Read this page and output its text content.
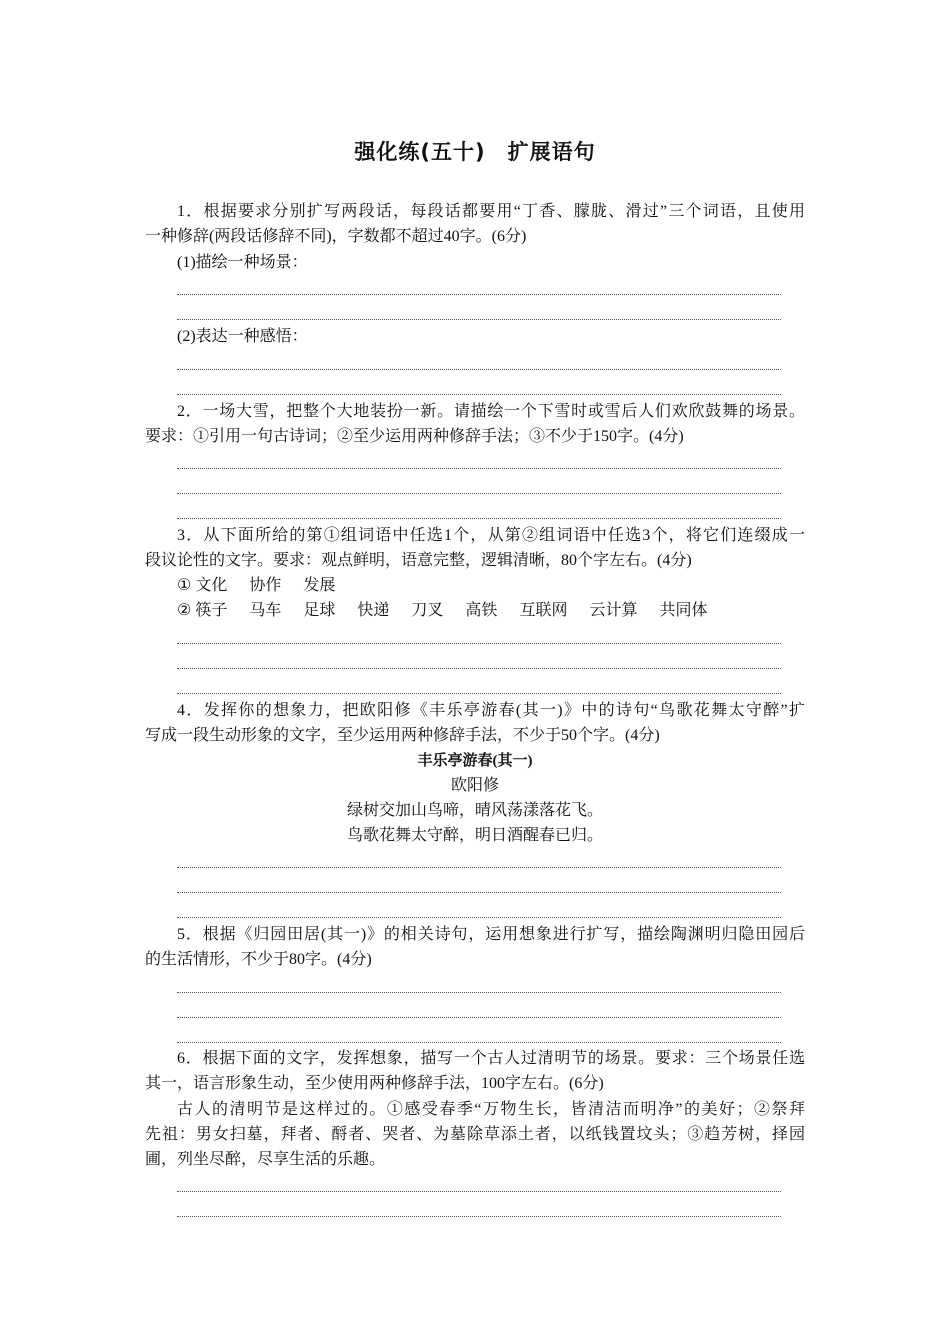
强化练(五十)　扩展语句
1．根据要求分别扩写两段话，每段话都要用“丁香、朦胧、滑过”三个词语，且使用
一种修辞(两段话修辞不同)，字数都不超过40字。(6分)
(1)描绘一种场景：
(2)表达一种感悟：
2．一场大雪，把整个大地装扮一新。请描绘一个下雪时或雪后人们欢欣鼓舞的场景。
要求：①引用一句古诗词；②至少运用两种修辞手法；③不少于150字。(4分)
3．从下面所给的第①组词语中任选1个，从第②组词语中任选3个，将它们连缀成一
段议论性的文字。要求：观点鲜明，语意完整，逻辑清晰，80个字左右。(4分)
① 文化 协作 发展
② 筷子 马车 足球 快递 刀叉 高铁 互联网 云计算 共同体
4．发挥你的想象力，把欧阳修《丰乐亭游春(其一)》中的诗句“鸟歌花舞太守醉”扩
写成一段生动形象的文字，至少运用两种修辞手法，不少于50个字。(4分)
丰乐亭游春(其一)
欧阳修
绿树交加山鸟啼，晴风荡漾落花飞。
鸟歌花舞太守醉，明日酒醒春已归。
5．根据《归园田居(其一)》的相关诗句，运用想象进行扩写，描绘陶渊明归隐田园后
的生活情形，不少于80字。(4分)
6．根据下面的文字，发挥想象，描写一个古人过清明节的场景。要求：三个场景任选
其一，语言形象生动，至少使用两种修辞手法，100字左右。(6分)
古人的清明节是这样过的。①感受春季“万物生长，皆清洁而明净”的美好；②祭拜
先祖：男女扫墓，拜者、酹者、哭者、为墓除草添土者，以纸钱置坟头；③趋芳树，择园
圃，列坐尽醉，尽享生活的乐趣。
